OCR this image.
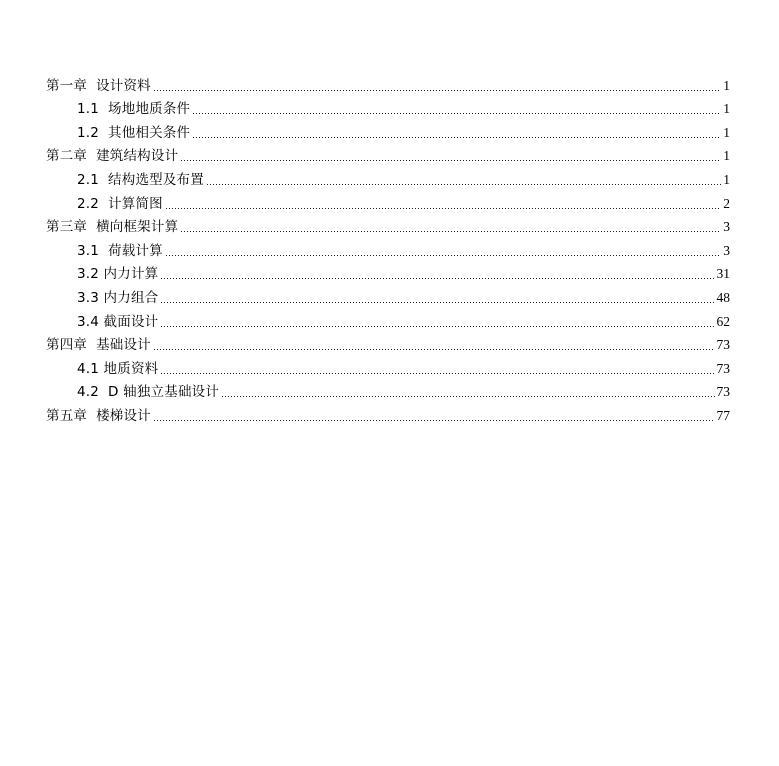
第一章  设计资料	1
1.1  场地地质条件	1
1.2  其他相关条件	1
第二章  建筑结构设计	1
2.1  结构选型及布置	1
2.2  计算简图	2
第三章  横向框架计算	3
3.1  荷载计算	3
3.2 内力计算	31
3.3 内力组合	48
3.4 截面设计	62
第四章  基础设计	73
4.1 地质资料	73
4.2  D 轴独立基础设计	73
第五章  楼梯设计	77
